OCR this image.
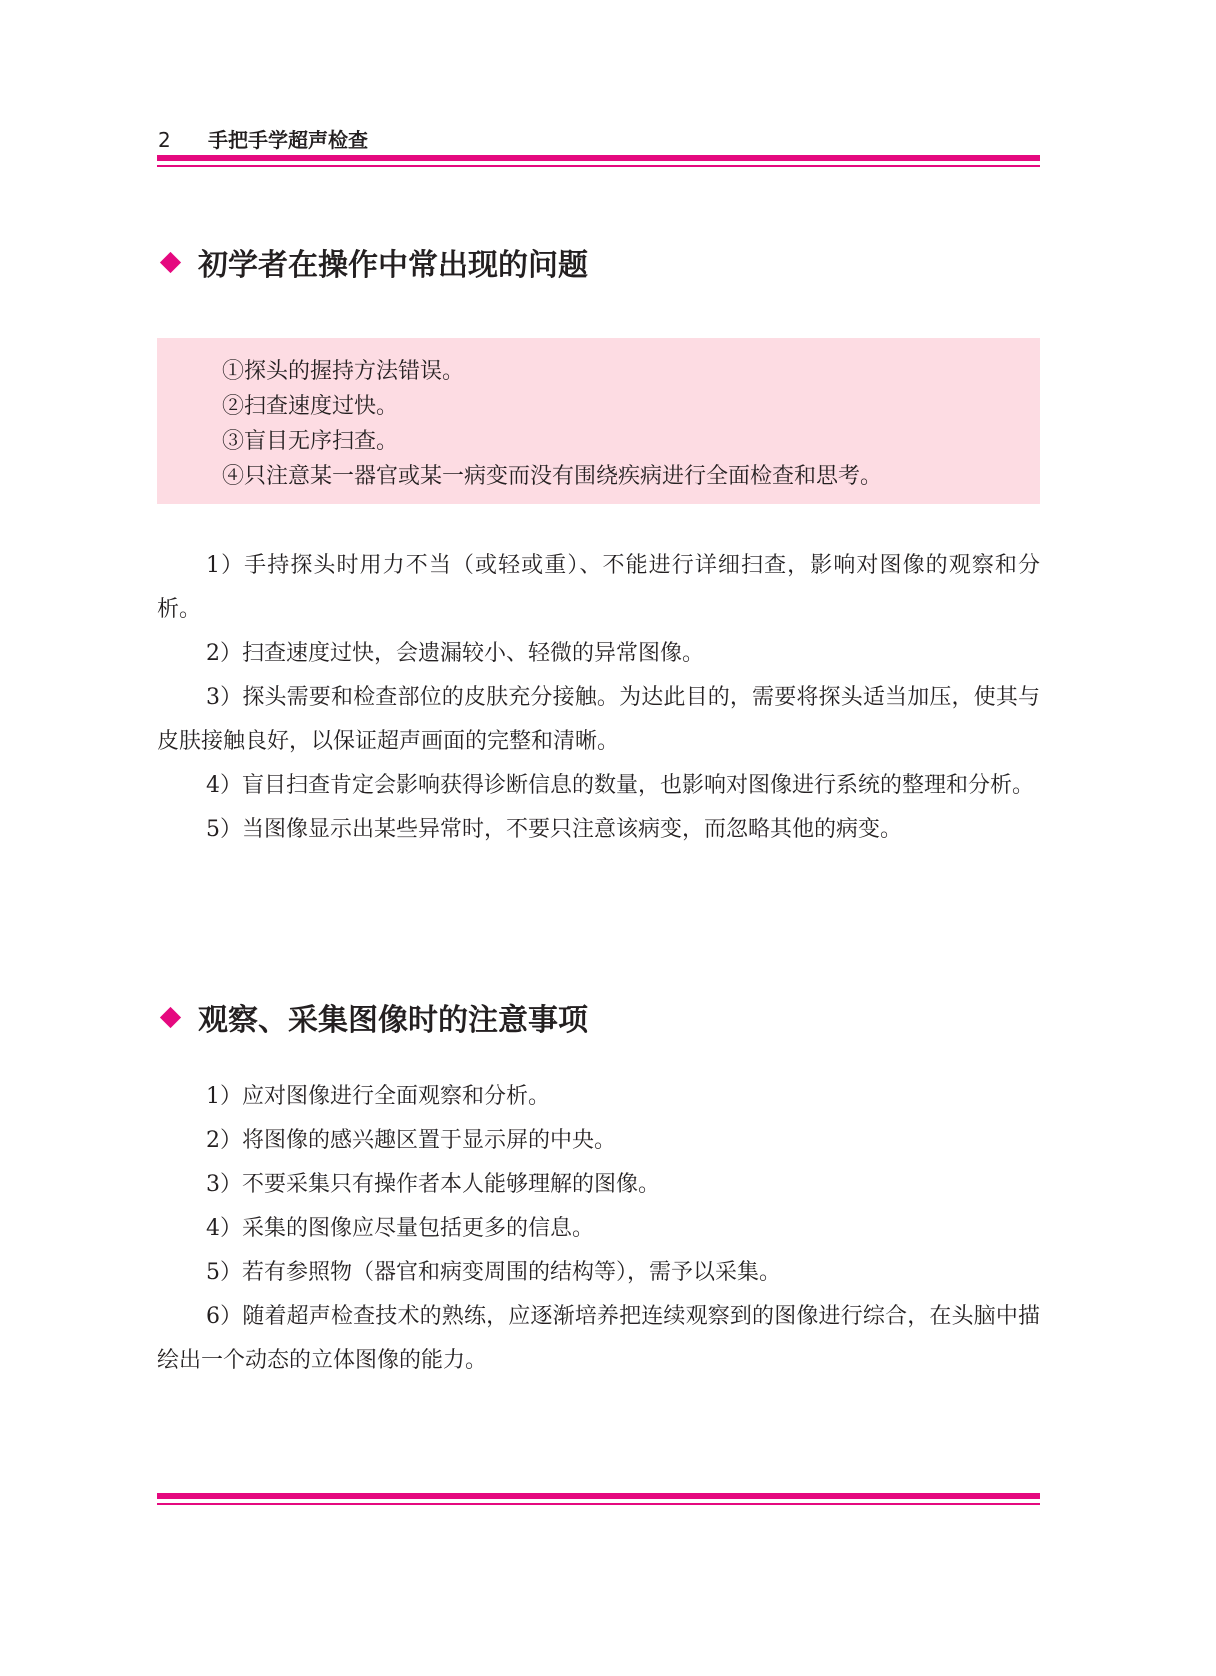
2 手把手学超声检查
初学者在操作中常出现的问题
①探头的握持方法错误。
②扫查速度过快。
③盲目无序扫查。
④只注意某一器官或某一病变而没有围绕疾病进行全面检查和思考。

1）手持探头时用力不当（或轻或重）、不能进行详细扫查，影响对图像的观察和分析。

2）扫查速度过快，会遗漏较小、轻微的异常图像。

3）探头需要和检查部位的皮肤充分接触。为达此目的，需要将探头适当加压，使其与皮肤接触良好，以保证超声画面的完整和清晰。

4）盲目扫查肯定会影响获得诊断信息的数量，也影响对图像进行系统的整理和分析。

5）当图像显示出某些异常时，不要只注意该病变，而忽略其他的病变。

观察、采集图像时的注意事项

1）应对图像进行全面观察和分析。

2）将图像的感兴趣区置于显示屏的中央。

3）不要采集只有操作者本人能够理解的图像。

4）采集的图像应尽量包括更多的信息。

5）若有参照物（器官和病变周围的结构等），需予以采集。

6）随着超声检查技术的熟练，应逐渐培养把连续观察到的图像进行综合，在头脑中描绘出一个动态的立体图像的能力。
